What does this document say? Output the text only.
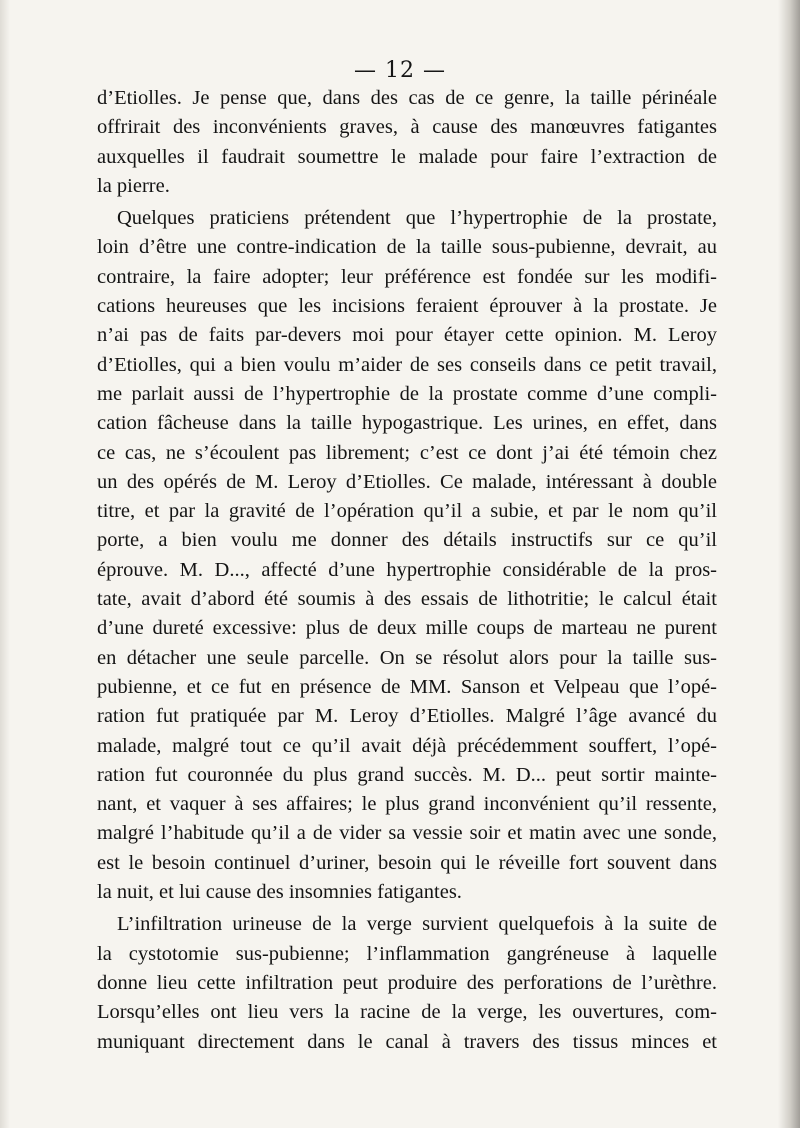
— 12 —
d’Etiolles. Je pense que, dans des cas de ce genre, la taille périnéale
offrirait des inconvénients graves, à cause des manœuvres fatigantes
auxquelles il faudrait soumettre le malade pour faire l’extraction de
la pierre.
Quelques praticiens prétendent que l’hypertrophie de la prostate,
loin d’être une contre-indication de la taille sous-pubienne, devrait, au
contraire, la faire adopter; leur préférence est fondée sur les modifi-
cations heureuses que les incisions feraient éprouver à la prostate. Je
n’ai pas de faits par-devers moi pour étayer cette opinion. M. Leroy
d’Etiolles, qui a bien voulu m’aider de ses conseils dans ce petit travail,
me parlait aussi de l’hypertrophie de la prostate comme d’une compli-
cation fâcheuse dans la taille hypogastrique. Les urines, en effet, dans
ce cas, ne s’écoulent pas librement; c’est ce dont j’ai été témoin chez
un des opérés de M. Leroy d’Etiolles. Ce malade, intéressant à double
titre, et par la gravité de l’opération qu’il a subie, et par le nom qu’il
porte, a bien voulu me donner des détails instructifs sur ce qu’il
éprouve. M. D..., affecté d’une hypertrophie considérable de la pros-
tate, avait d’abord été soumis à des essais de lithotritie; le calcul était
d’une dureté excessive: plus de deux mille coups de marteau ne purent
en détacher une seule parcelle. On se résolut alors pour la taille sus-
pubienne, et ce fut en présence de MM. Sanson et Velpeau que l’opé-
ration fut pratiquée par M. Leroy d’Etiolles. Malgré l’âge avancé du
malade, malgré tout ce qu’il avait déjà précédemment souffert, l’opé-
ration fut couronnée du plus grand succès. M. D... peut sortir mainte-
nant, et vaquer à ses affaires; le plus grand inconvénient qu’il ressente,
malgré l’habitude qu’il a de vider sa vessie soir et matin avec une sonde,
est le besoin continuel d’uriner, besoin qui le réveille fort souvent dans
la nuit, et lui cause des insomnies fatigantes.
L’infiltration urineuse de la verge survient quelquefois à la suite de
la cystotomie sus-pubienne; l’inflammation gangréneuse à laquelle
donne lieu cette infiltration peut produire des perforations de l’urèthre.
Lorsqu’elles ont lieu vers la racine de la verge, les ouvertures, com-
muniquant directement dans le canal à travers des tissus minces et
